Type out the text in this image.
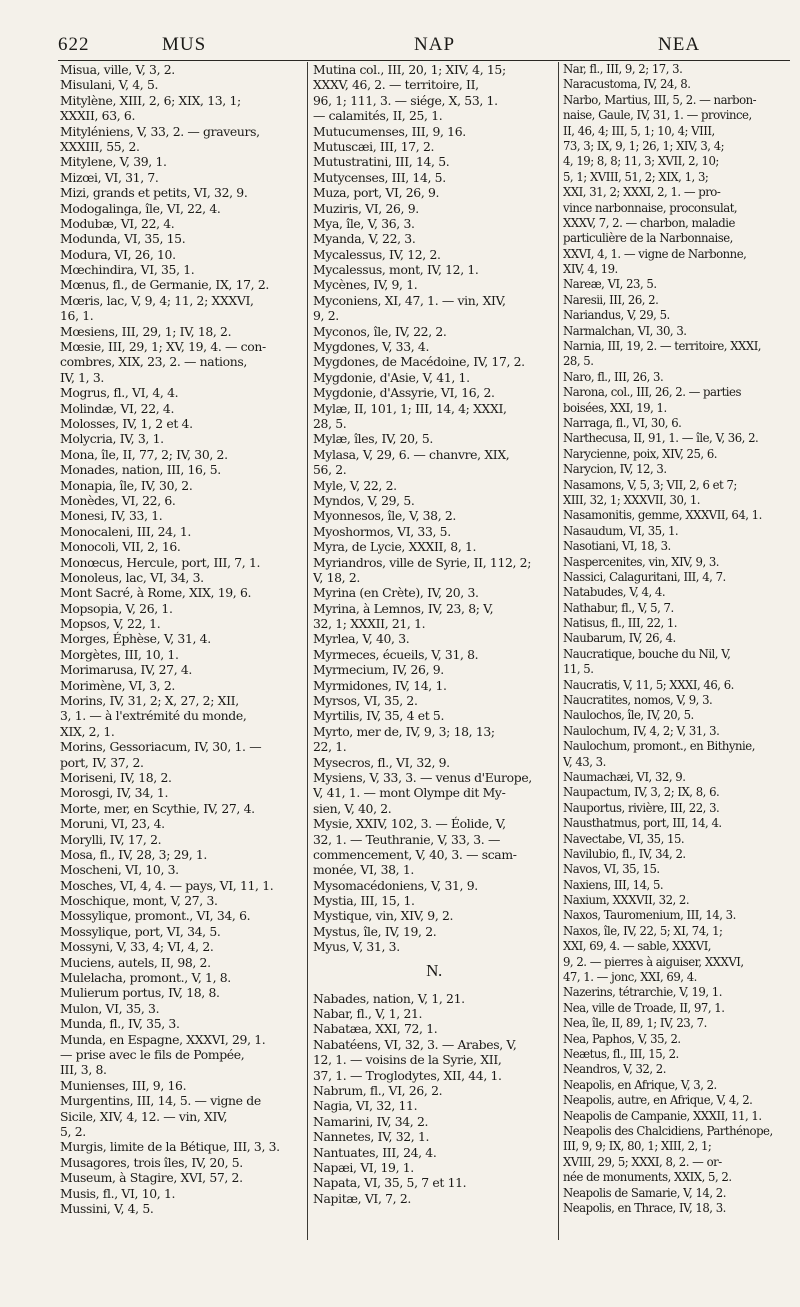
622	MUS	NAP	NEA
Misua, ville, V, 3, 2.
Misulani, V, 4, 5.
Mitylène, XIII, 2, 6; XIX, 13, 1;
XXXII, 63, 6.
Mityléniens, V, 33, 2. — graveurs,
XXXIII, 55, 2.
Mitylene, V, 39, 1.
Mizœi, VI, 31, 7.
Mizi, grands et petits, VI, 32, 9.
Modogalinga, île, VI, 22, 4.
Modubæ, VI, 22, 4.
Modunda, VI, 35, 15.
Modura, VI, 26, 10.
Mœchindira, VI, 35, 1.
Mœnus, fl., de Germanie, IX, 17, 2.
Mœris, lac, V, 9, 4; 11, 2; XXXVI,
16, 1.
Mœsiens, III, 29, 1; IV, 18, 2.
Mœsie, III, 29, 1; XV, 19, 4. — con-
combres, XIX, 23, 2. — nations,
IV, 1, 3.
Mogrus, fl., VI, 4, 4.
Molindæ, VI, 22, 4.
Molosses, IV, 1, 2 et 4.
Molycria, IV, 3, 1.
Mona, île, II, 77, 2; IV, 30, 2.
Monades, nation, III, 16, 5.
Monapia, île, IV, 30, 2.
Monèdes, VI, 22, 6.
Monesi, IV, 33, 1.
Monocaleni, III, 24, 1.
Monocoli, VII, 2, 16.
Monœcus, Hercule, port, III, 7, 1.
Monoleus, lac, VI, 34, 3.
Mont Sacré, à Rome, XIX, 19, 6.
Mopsopia, V, 26, 1.
Mopsos, V, 22, 1.
Morges, Éphèse, V, 31, 4.
Morgètes, III, 10, 1.
Morimarusa, IV, 27, 4.
Morimène, VI, 3, 2.
Morins, IV, 31, 2; X, 27, 2; XII,
3, 1. — à l'extrémité du monde,
XIX, 2, 1.
Morins, Gessoriacum, IV, 30, 1. —
port, IV, 37, 2.
Moriseni, IV, 18, 2.
Morosgi, IV, 34, 1.
Morte, mer, en Scythie, IV, 27, 4.
Moruni, VI, 23, 4.
Morylli, IV, 17, 2.
Mosa, fl., IV, 28, 3; 29, 1.
Moscheni, VI, 10, 3.
Mosches, VI, 4, 4. — pays, VI, 11, 1.
Moschique, mont, V, 27, 3.
Mossylique, promont., VI, 34, 6.
Mossylique, port, VI, 34, 5.
Mossyni, V, 33, 4; VI, 4, 2.
Muciens, autels, II, 98, 2.
Mulelacha, promont., V, 1, 8.
Mulierum portus, IV, 18, 8.
Mulon, VI, 35, 3.
Munda, fl., IV, 35, 3.
Munda, en Espagne, XXXVI, 29, 1.
— prise avec le fils de Pompée,
III, 3, 8.
Munienses, III, 9, 16.
Murgentins, III, 14, 5. — vigne de
Sicile, XIV, 4, 12. — vin, XIV,
5, 2.
Murgis, limite de la Bétique, III, 3, 3.
Musagores, trois îles, IV, 20, 5.
Museum, à Stagire, XVI, 57, 2.
Musis, fl., VI, 10, 1.
Mussini, V, 4, 5.
Mutina col., III, 20, 1; XIV, 4, 15;
XXXV, 46, 2. — territoire, II,
96, 1; 111, 3. — siége, X, 53, 1.
— calamités, II, 25, 1.
Mutucumenses, III, 9, 16.
Mutuscæi, III, 17, 2.
Mutustratini, III, 14, 5.
Mutycenses, III, 14, 5.
Muza, port, VI, 26, 9.
Muziris, VI, 26, 9.
Mya, île, V, 36, 3.
Myanda, V, 22, 3.
Mycalessus, IV, 12, 2.
Mycalessus, mont, IV, 12, 1.
Mycènes, IV, 9, 1.
Myconiens, XI, 47, 1. — vin, XIV,
9, 2.
Myconos, île, IV, 22, 2.
Mygdones, V, 33, 4.
Mygdones, de Macédoine, IV, 17, 2.
Mygdonie, d'Asie, V, 41, 1.
Mygdonie, d'Assyrie, VI, 16, 2.
Mylæ, II, 101, 1; III, 14, 4; XXXI,
28, 5.
Mylæ, îles, IV, 20, 5.
Mylasa, V, 29, 6. — chanvre, XIX,
56, 2.
Myle, V, 22, 2.
Myndos, V, 29, 5.
Myonnesos, île, V, 38, 2.
Myoshormos, VI, 33, 5.
Myra, de Lycie, XXXII, 8, 1.
Myriandros, ville de Syrie, II, 112, 2;
V, 18, 2.
Myrina (en Crète), IV, 20, 3.
Myrina, à Lemnos, IV, 23, 8; V,
32, 1; XXXII, 21, 1.
Myrlea, V, 40, 3.
Myrmeces, écueils, V, 31, 8.
Myrmecium, IV, 26, 9.
Myrmidones, IV, 14, 1.
Myrsos, VI, 35, 2.
Myrtilis, IV, 35, 4 et 5.
Myrto, mer de, IV, 9, 3; 18, 13;
22, 1.
Mysecros, fl., VI, 32, 9.
Mysiens, V, 33, 3. — venus d'Europe,
V, 41, 1. — mont Olympe dit My-
sien, V, 40, 2.
Mysie, XXIV, 102, 3. — Éolide, V,
32, 1. — Teuthranie, V, 33, 3. —
commencement, V, 40, 3. — scam-
monée, VI, 38, 1.
Mysomacédoniens, V, 31, 9.
Mystia, III, 15, 1.
Mystique, vin, XIV, 9, 2.
Mystus, île, IV, 19, 2.
Myus, V, 31, 3.
N.
Nabades, nation, V, 1, 21.
Nabar, fl., V, 1, 21.
Nabatæa, XXI, 72, 1.
Nabatéens, VI, 32, 3. — Arabes, V,
12, 1. — voisins de la Syrie, XII,
37, 1. — Troglodytes, XII, 44, 1.
Nabrum, fl., VI, 26, 2.
Nagia, VI, 32, 11.
Namarini, IV, 34, 2.
Nannetes, IV, 32, 1.
Nantuates, III, 24, 4.
Napæi, VI, 19, 1.
Napata, VI, 35, 5, 7 et 11.
Napitæ, VI, 7, 2.
Nar, fl., III, 9, 2; 17, 3.
Naracustoma, IV, 24, 8.
Narbo, Martius, III, 5, 2. — narbon-
naise, Gaule, IV, 31, 1. — province,
II, 46, 4; III, 5, 1; 10, 4; VIII,
73, 3; IX, 9, 1; 26, 1; XIV, 3, 4;
4, 19; 8, 8; 11, 3; XVII, 2, 10;
5, 1; XVIII, 51, 2; XIX, 1, 3;
XXI, 31, 2; XXXI, 2, 1. — pro-
vince narbonnaise, proconsulat,
XXXV, 7, 2. — charbon, maladie
particulière de la Narbonnaise,
XXVI, 4, 1. — vigne de Narbonne,
XIV, 4, 19.
Nareæ, VI, 23, 5.
Naresii, III, 26, 2.
Nariandus, V, 29, 5.
Narmalchan, VI, 30, 3.
Narnia, III, 19, 2. — territoire, XXXI,
28, 5.
Naro, fl., III, 26, 3.
Narona, col., III, 26, 2. — parties
boisées, XXI, 19, 1.
Narraga, fl., VI, 30, 6.
Narthecusa, II, 91, 1. — île, V, 36, 2.
Narycienne, poix, XIV, 25, 6.
Narycion, IV, 12, 3.
Nasamons, V, 5, 3; VII, 2, 6 et 7;
XIII, 32, 1; XXXVII, 30, 1.
Nasamonitis, gemme, XXXVII, 64, 1.
Nasaudum, VI, 35, 1.
Nasotiani, VI, 18, 3.
Naspercenites, vin, XIV, 9, 3.
Nassici, Calaguritani, III, 4, 7.
Natabudes, V, 4, 4.
Nathabur, fl., V, 5, 7.
Natisus, fl., III, 22, 1.
Naubarum, IV, 26, 4.
Naucratique, bouche du Nil, V,
11, 5.
Naucratis, V, 11, 5; XXXI, 46, 6.
Naucratites, nomos, V, 9, 3.
Naulochos, île, IV, 20, 5.
Naulochum, IV, 4, 2; V, 31, 3.
Naulochum, promont., en Bithynie,
V, 43, 3.
Naumachæi, VI, 32, 9.
Naupactum, IV, 3, 2; IX, 8, 6.
Nauportus, rivière, III, 22, 3.
Nausthatmus, port, III, 14, 4.
Navectabe, VI, 35, 15.
Navilubio, fl., IV, 34, 2.
Navos, VI, 35, 15.
Naxiens, III, 14, 5.
Naxium, XXXVII, 32, 2.
Naxos, Tauromenium, III, 14, 3.
Naxos, île, IV, 22, 5; XI, 74, 1;
XXI, 69, 4. — sable, XXXVI,
9, 2. — pierres à aiguiser, XXXVI,
47, 1. — jonc, XXI, 69, 4.
Nazerins, tétrarchie, V, 19, 1.
Nea, ville de Troade, II, 97, 1.
Nea, île, II, 89, 1; IV, 23, 7.
Nea, Paphos, V, 35, 2.
Neætus, fl., III, 15, 2.
Neandros, V, 32, 2.
Neapolis, en Afrique, V, 3, 2.
Neapolis, autre, en Afrique, V, 4, 2.
Neapolis de Campanie, XXXII, 11, 1.
Neapolis des Chalcidiens, Parthénope,
III, 9, 9; IX, 80, 1; XIII, 2, 1;
XVIII, 29, 5; XXXI, 8, 2. — or-
née de monuments, XXIX, 5, 2.
Neapolis de Samarie, V, 14, 2.
Neapolis, en Thrace, IV, 18, 3.
